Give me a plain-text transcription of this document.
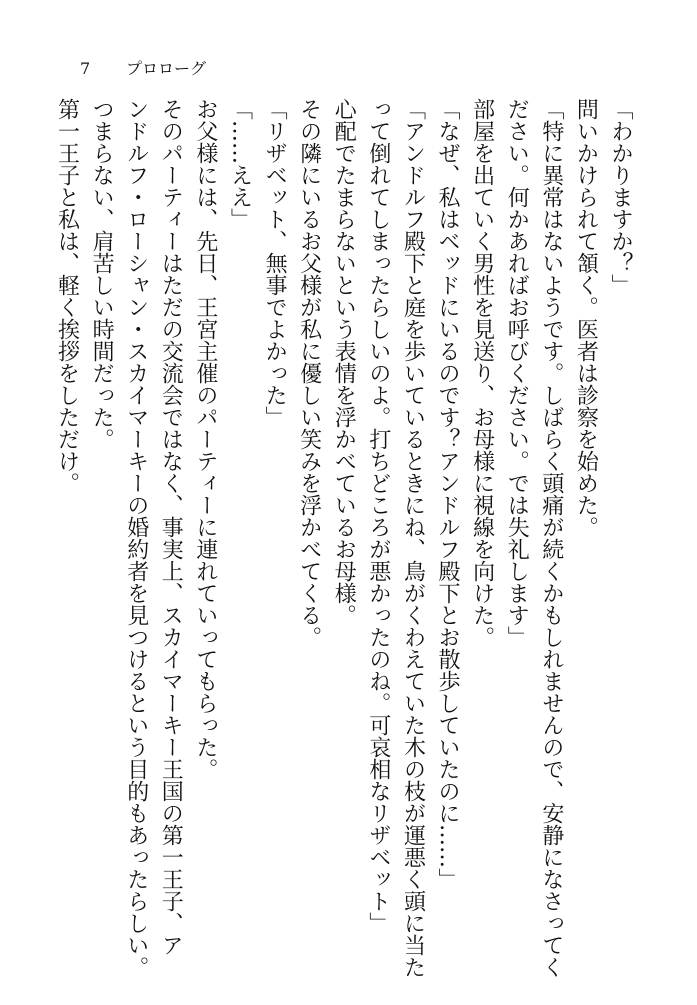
7 プロローグ
「わかりますか？」
問いかけられて頷く。医者は診察を始めた。
「特に異常はないようです。しばらく頭痛が続くかもしれませんので、安静になさってく
ださい。何かあればお呼びください。では失礼します」
部屋を出ていく男性を見送り、お母様に視線を向けた。
「なぜ、私はベッドにいるのです？アンドルフ殿下とお散歩していたのに……」
「アンドルフ殿下と庭を歩いているときにね、鳥がくわえていた木の枝が運悪く頭に当た
って倒れてしまったらしいのよ。打ちどころが悪かったのね。可哀相なリザベット」
心配でたまらないという表情を浮かべているお母様。
その隣にいるお父様が私に優しい笑みを浮かべてくる。
「リザベット、無事でよかった」
「……ええ」
お父様には、先日、王宮主催のパーティーに連れていってもらった。
そのパーティーはただの交流会ではなく、事実上、スカイマーキー王国の第一王子、ア
ンドルフ・ローシャン・スカイマーキーの婚約者を見つけるという目的もあったらしい。
つまらない、肩苦しい時間だった。
第一王子と私は、軽く挨拶をしただけ。
